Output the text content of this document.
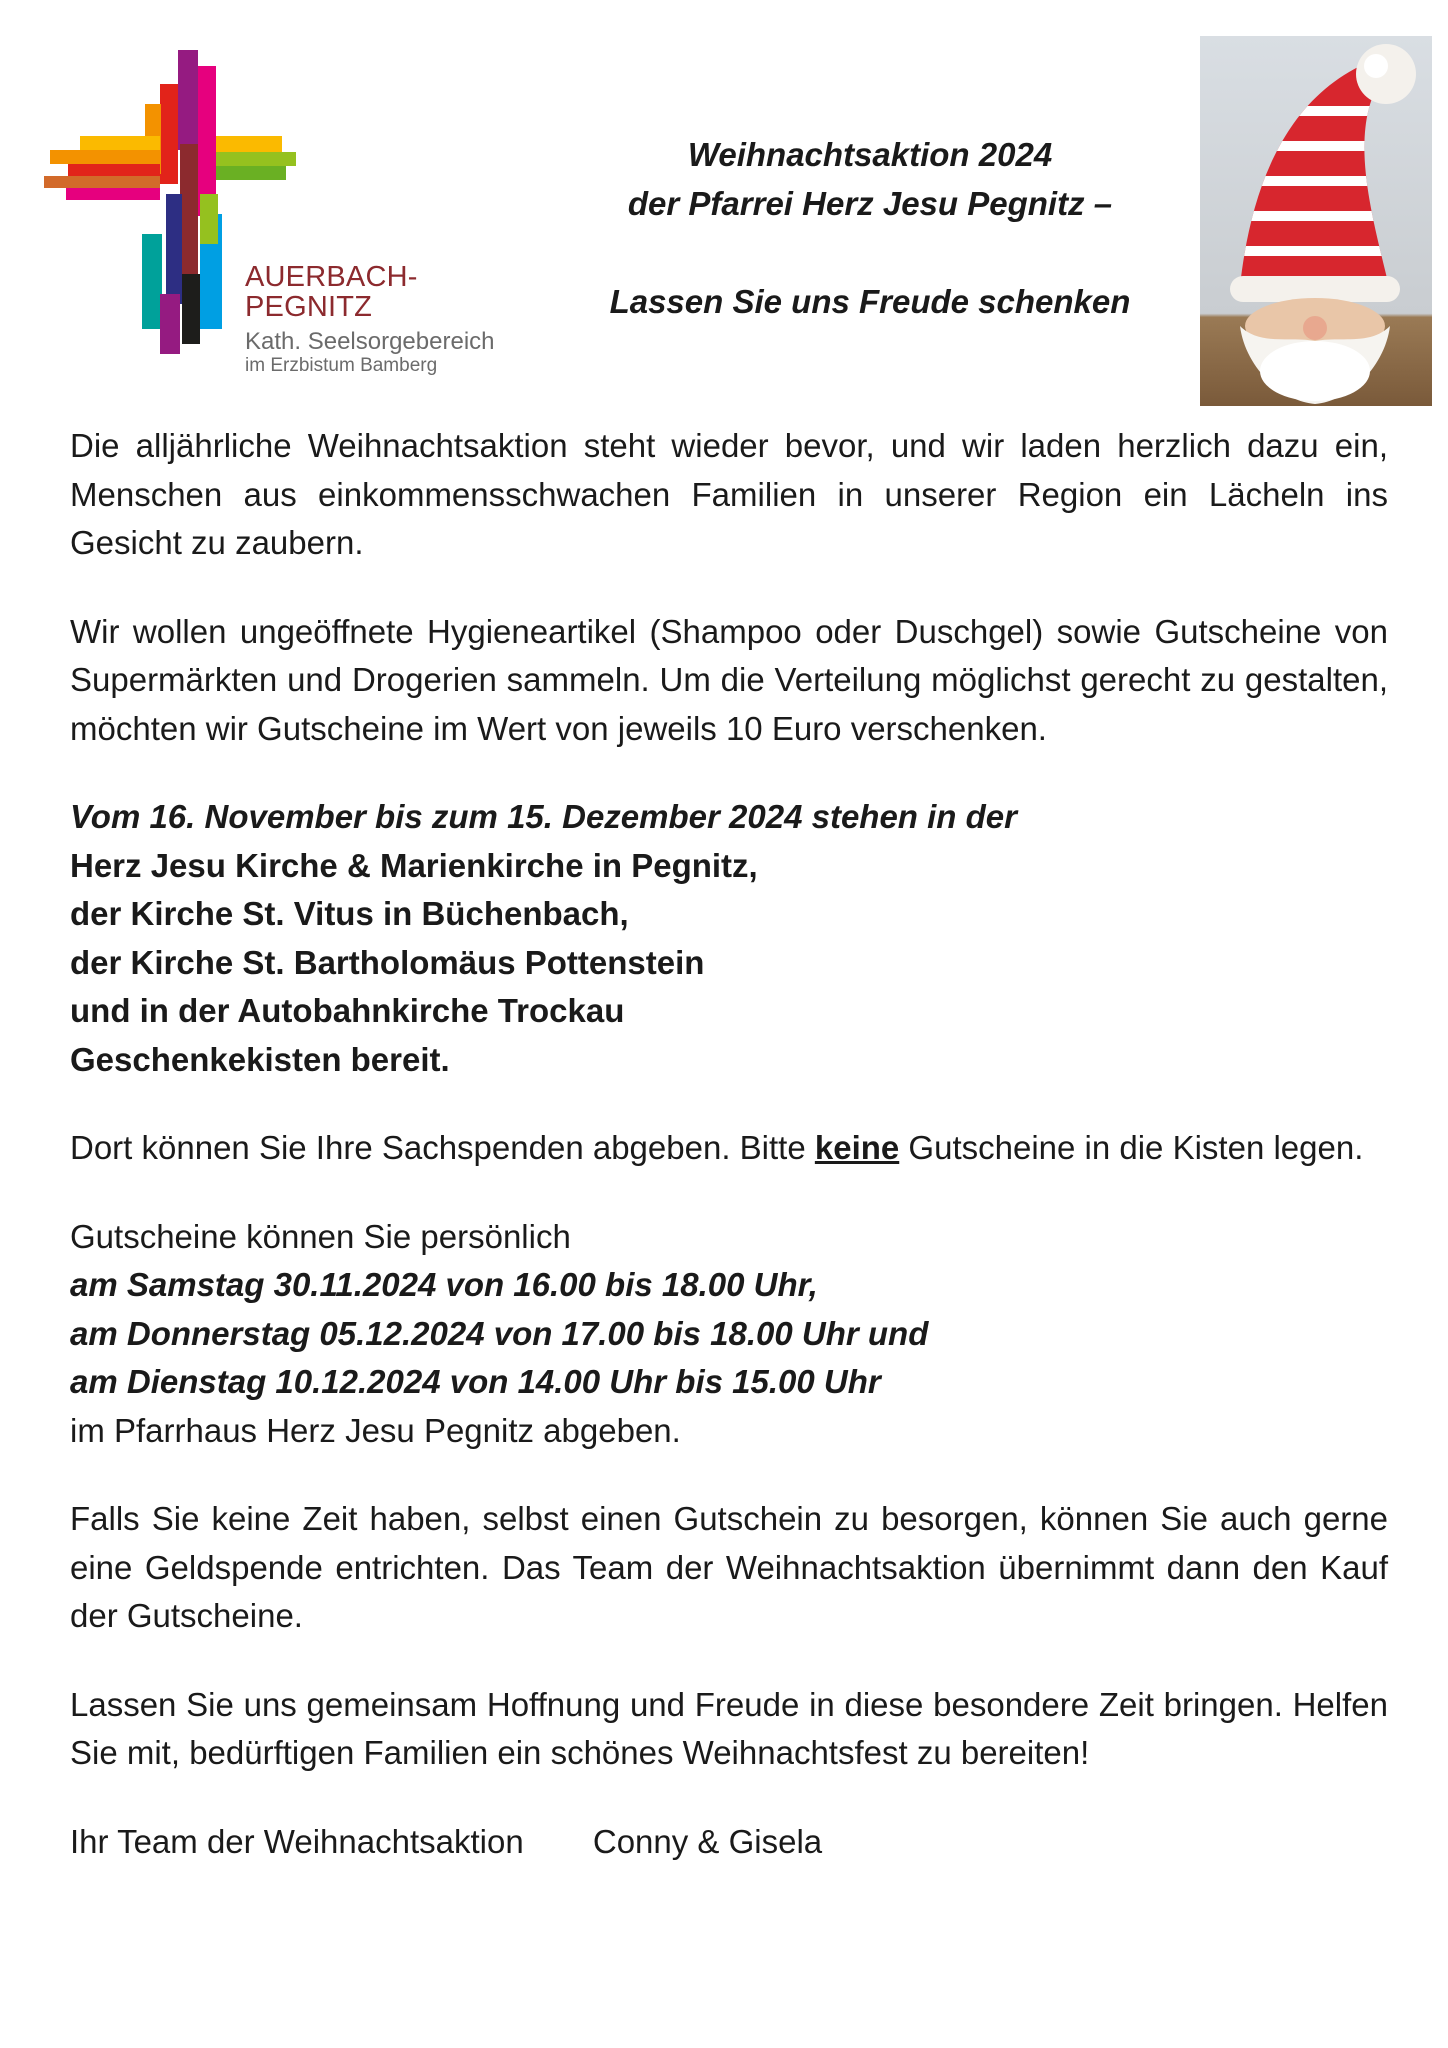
AUERBACH-PEGNITZ
Kath. Seelsorgebereich
im Erzbistum Bamberg
Weihnachtsaktion 2024
der Pfarrei Herz Jesu Pegnitz –
Lassen Sie uns Freude schenken

Die alljährliche Weihnachtsaktion steht wieder bevor, und wir laden herzlich dazu ein, Menschen aus einkommensschwachen Familien in unserer Region ein Lächeln ins Gesicht zu zaubern.

Wir wollen ungeöffnete Hygieneartikel (Shampoo oder Duschgel) sowie Gutscheine von Supermärkten und Drogerien sammeln. Um die Verteilung möglichst gerecht zu gestalten, möchten wir Gutscheine im Wert von jeweils 10 Euro verschenken.

Vom 16. November bis zum 15. Dezember 2024 stehen in der
Herz Jesu Kirche & Marienkirche in Pegnitz,
der Kirche St. Vitus in Büchenbach,
der Kirche St. Bartholomäus Pottenstein
und in der Autobahnkirche Trockau
Geschenkekisten bereit.

Dort können Sie Ihre Sachspenden abgeben. Bitte keine Gutscheine in die Kisten legen.

Gutscheine können Sie persönlich
am Samstag 30.11.2024 von 16.00 bis 18.00 Uhr,
am Donnerstag 05.12.2024 von 17.00 bis 18.00 Uhr und
am Dienstag 10.12.2024 von 14.00 Uhr bis 15.00 Uhr
im Pfarrhaus Herz Jesu Pegnitz abgeben.

Falls Sie keine Zeit haben, selbst einen Gutschein zu besorgen, können Sie auch gerne eine Geldspende entrichten. Das Team der Weihnachtsaktion übernimmt dann den Kauf der Gutscheine.

Lassen Sie uns gemeinsam Hoffnung und Freude in diese besondere Zeit bringen. Helfen Sie mit, bedürftigen Familien ein schönes Weihnachtsfest zu bereiten!

Ihr Team der Weihnachtsaktion Conny & Gisela
